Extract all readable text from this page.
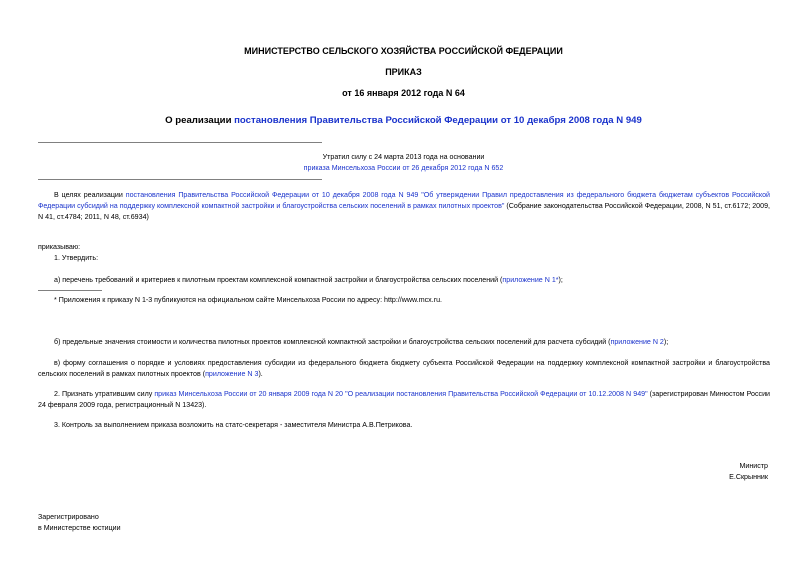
МИНИСТЕРСТВО СЕЛЬСКОГО ХОЗЯЙСТВА РОССИЙСКОЙ ФЕДЕРАЦИИ
ПРИКАЗ
от 16 января 2012 года N 64
О реализации постановления Правительства Российской Федерации от 10 декабря 2008 года N 949
Утратил силу с 24 марта 2013 года на основании
приказа Минсельхоза России от 26 декабря 2012 года N 652
В целях реализации постановления Правительства Российской Федерации от 10 декабря 2008 года N 949 "Об утверждении Правил предоставления из федерального бюджета бюджетам субъектов Российской Федерации субсидий на поддержку комплексной компактной застройки и благоустройства сельских поселений в рамках пилотных проектов" (Собрание законодательства Российской Федерации, 2008, N 51, ст.6172; 2009, N 41, ст.4784; 2011, N 48, ст.6934)
приказываю:
1. Утвердить:
а) перечень требований и критериев к пилотным проектам комплексной компактной застройки и благоустройства сельских поселений (приложение N 1*);
* Приложения к приказу N 1-3 публикуются на официальном сайте Минсельхоза России по адресу: http://www.mcx.ru.
б) предельные значения стоимости и количества пилотных проектов комплексной компактной застройки и благоустройства сельских поселений для расчета субсидий (приложение N 2);
в) форму соглашения о порядке и условиях предоставления субсидии из федерального бюджета бюджету субъекта Российской Федерации на поддержку комплексной компактной застройки и благоустройства сельских поселений в рамках пилотных проектов (приложение N 3).
2. Признать утратившим силу приказ Минсельхоза России от 20 января 2009 года N 20 "О реализации постановления Правительства Российской Федерации от 10.12.2008 N 949" (зарегистрирован Минюстом России 24 февраля 2009 года, регистрационный N 13423).
3. Контроль за выполнением приказа возложить на статс-секретаря - заместителя Министра А.В.Петрикова.
Министр
Е.Скрынник
Зарегистрировано
в Министерстве юстиции
